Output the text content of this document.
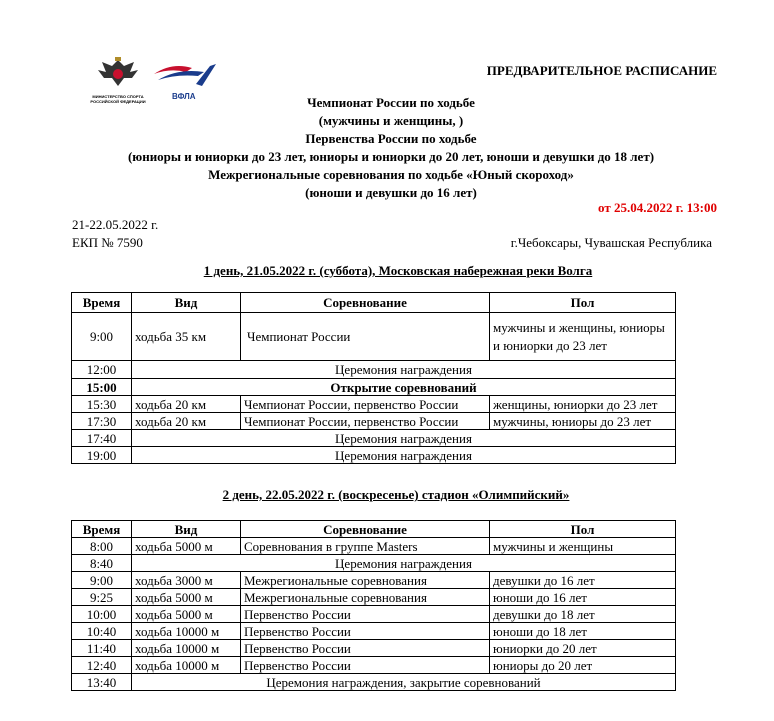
МИНИСТЕРСТВО СПОРТА
РОССИЙСКОЙ ФЕДЕРАЦИИ
ВФЛА
ПРЕДВАРИТЕЛЬНОЕ РАСПИСАНИЕ
Чемпионат России по ходьбе
(мужчины и женщины, )
Первенства России по ходьбе
(юниоры и юниорки до 23 лет, юниоры и юниорки до 20 лет, юноши и девушки до 18 лет)
Межрегиональные соревнования по ходьбе «Юный скороход»
(юноши и девушки до 16 лет)
от 25.04.2022 г. 13:00
21-22.05.2022 г.
ЕКП № 7590	г.Чебоксары, Чувашская Республика
1 день, 21.05.2022 г. (суббота), Московская набережная реки Волга
Время	Вид	Соревнование	Пол
9:00	ходьба 35 км	Чемпионат России	мужчины и женщины, юниоры и юниорки до 23 лет
12:00	Церемония награждения		
15:00	Открытие соревнований		
15:30	ходьба 20 км	Чемпионат России, первенство России	женщины, юниорки до 23 лет
17:30	ходьба 20 км	Чемпионат России, первенство России	мужчины, юниоры до 23 лет
17:40	Церемония награждения		
19:00	Церемония награждения		
2 день, 22.05.2022 г. (воскресенье) стадион «Олимпийский»
Время	Вид	Соревнование	Пол
8:00	ходьба 5000 м	Соревнования в группе Masters	мужчины и женщины
8:40	Церемония награждения		
9:00	ходьба 3000 м	Межрегиональные соревнования	девушки до 16 лет
9:25	ходьба 5000 м	Межрегиональные соревнования	юноши до 16 лет
10:00	ходьба 5000 м	Первенство России	девушки до 18 лет
10:40	ходьба 10000 м	Первенство России	юноши до 18 лет
11:40	ходьба 10000 м	Первенство России	юниорки до 20 лет
12:40	ходьба 10000 м	Первенство России	юниоры до 20 лет
13:40	Церемония награждения, закрытие соревнований		
